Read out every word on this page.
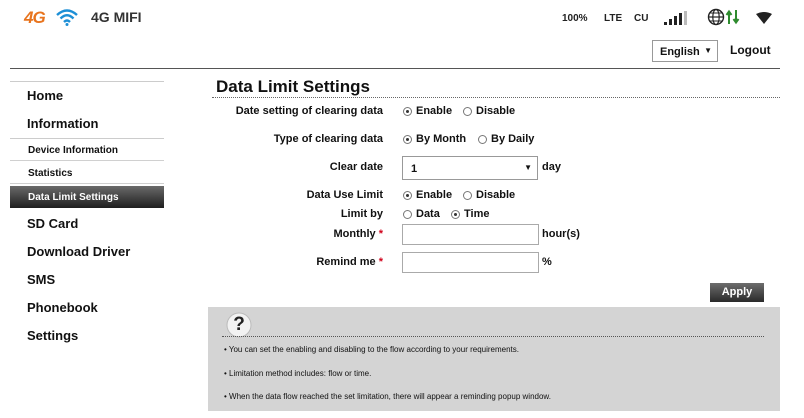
4G	4G MIFI	100% LTE CU
English ▼ Logout
Home
Information
Device Information
Statistics
Data Limit Settings
SD Card
Download Driver
SMS
Phonebook
Settings
Data Limit Settings
Date setting of clearing data	Enable Disable
Type of clearing data	By Month By Daily
Clear date	1	▼ day
Data Use Limit	Enable Disable
Limit by	Data Time
Monthly *	hour(s)
Remind me *	%
Apply
?
• You can set the enabling and disabling to the flow according to your requirements.
• Limitation method includes: flow or time.
• When the data flow reached the set limitation, there will appear a reminding popup window.
